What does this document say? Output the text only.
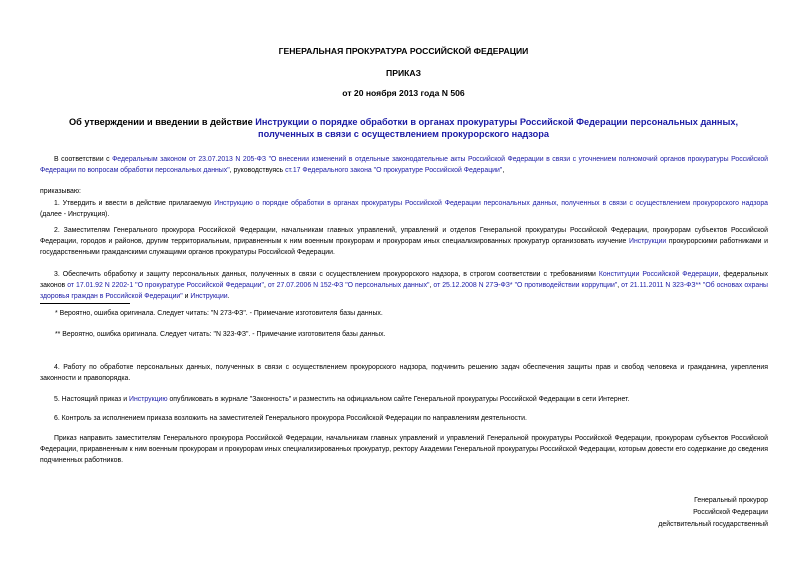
ГЕНЕРАЛЬНАЯ ПРОКУРАТУРА РОССИЙСКОЙ ФЕДЕРАЦИИ
ПРИКАЗ
от 20 ноября 2013 года N 506
Об утверждении и введении в действие Инструкции о порядке обработки в органах прокуратуры Российской Федерации персональных данных, полученных в связи с осуществлением прокурорского надзора
В соответствии с Федеральным законом от 23.07.2013 N 205-ФЗ "О внесении изменений в отдельные законодательные акты Российской Федерации в связи с уточнением полномочий органов прокуратуры Российской Федерации по вопросам обработки персональных данных", руководствуясь ст.17 Федерального закона "О прокуратуре Российской Федерации",
приказываю:
1. Утвердить и ввести в действие прилагаемую Инструкцию о порядке обработки в органах прокуратуры Российской Федерации персональных данных, полученных в связи с осуществлением прокурорского надзора (далее - Инструкция).
2. Заместителям Генерального прокурора Российской Федерации, начальникам главных управлений, управлений и отделов Генеральной прокуратуры Российской Федерации, прокурорам субъектов Российской Федерации, городов и районов, другим территориальным, приравненным к ним военным прокурорам и прокурорам иных специализированных прокуратур организовать изучение Инструкции прокурорскими работниками и государственными гражданскими служащими органов прокуратуры Российской Федерации.
3. Обеспечить обработку и защиту персональных данных, полученных в связи с осуществлением прокурорского надзора, в строгом соответствии с требованиями Конституции Российской Федерации, федеральных законов от 17.01.92 N 2202-1 "О прокуратуре Российской Федерации", от 27.07.2006 N 152-ФЗ "О персональных данных", от 25.12.2008 N 27Э-ФЗ* "О противодействии коррупции", от 21.11.2011 N 323-ФЗ** "Об основах охраны здоровья граждан в Российской Федерации" и Инструкции.
* Вероятно, ошибка оригинала. Следует читать: "N 273-ФЗ". - Примечание изготовителя базы данных.
** Вероятно, ошибка оригинала. Следует читать: "N 323-ФЗ". - Примечание изготовителя базы данных.
4. Работу по обработке персональных данных, полученных в связи с осуществлением прокурорского надзора, подчинить решению задач обеспечения защиты прав и свобод человека и гражданина, укрепления законности и правопорядка.
5. Настоящий приказ и Инструкцию опубликовать в журнале "Законность" и разместить на официальном сайте Генеральной прокуратуры Российской Федерации в сети Интернет.
6. Контроль за исполнением приказа возложить на заместителей Генерального прокурора Российской Федерации по направлениям деятельности.
Приказ направить заместителям Генерального прокурора Российской Федерации, начальникам главных управлений и управлений Генеральной прокуратуры Российской Федерации, прокурорам субъектов Российской Федерации, приравненным к ним военным прокурорам и прокурорам иных специализированных прокуратур, ректору Академии Генеральной прокуратуры Российской Федерации, которым довести его содержание до сведения подчиненных работников.
Генеральный прокурор
Российской Федерации
действительный государственный
